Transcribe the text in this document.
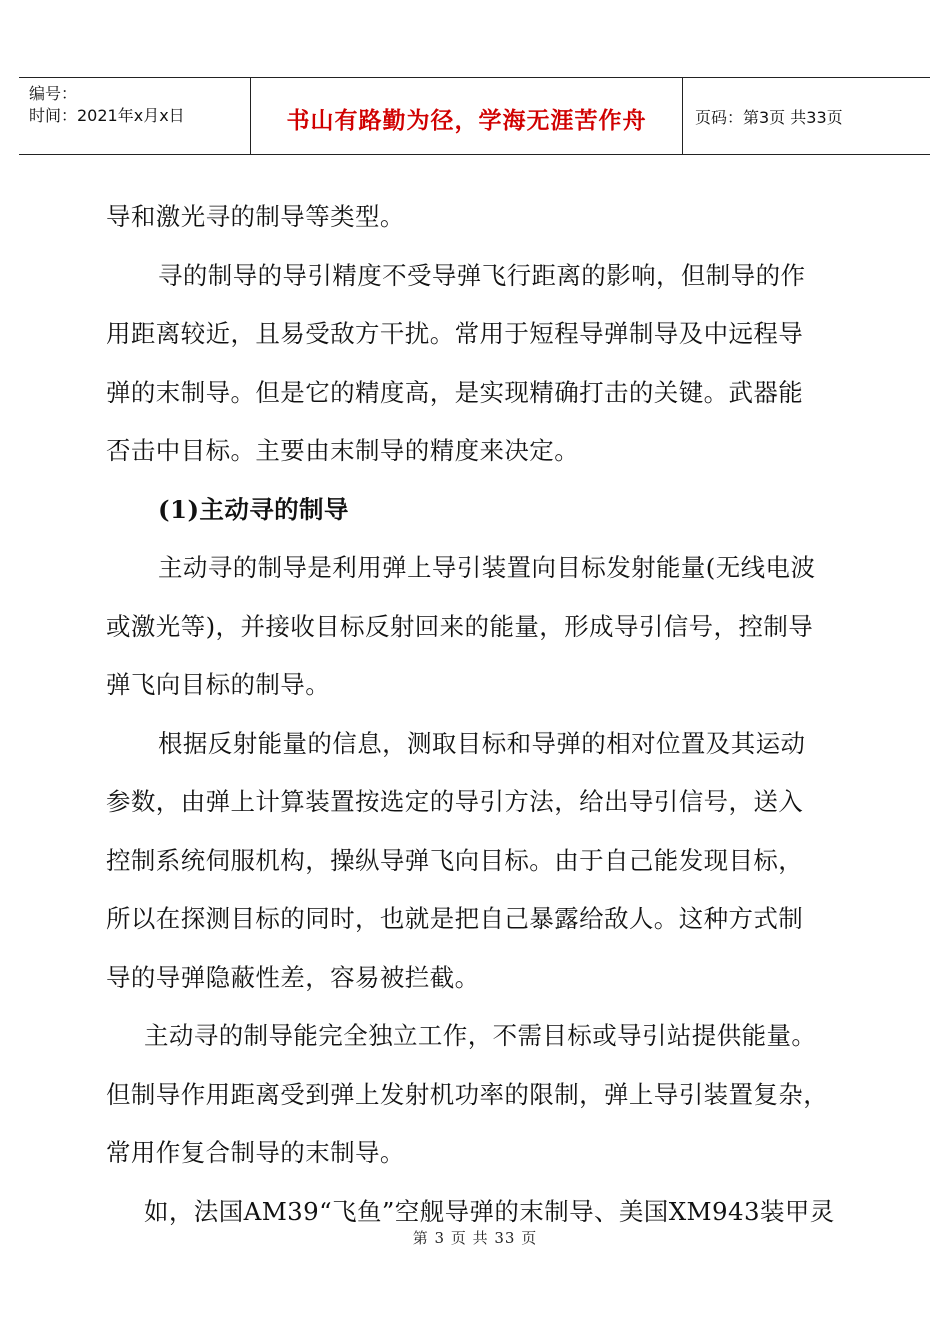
编号：
时间：2021年x月x日	书山有路勤为径，学海无涯苦作舟	页码：第3页 共33页
导和激光寻的制导等类型。
寻的制导的导引精度不受导弹飞行距离的影响，但制导的作
用距离较近，且易受敌方干扰。常用于短程导弹制导及中远程导
弹的末制导。但是它的精度高，是实现精确打击的关键。武器能
否击中目标。主要由末制导的精度来决定。
(1)主动寻的制导
主动寻的制导是利用弹上导引装置向目标发射能量(无线电波
或激光等)，并接收目标反射回来的能量，形成导引信号，控制导
弹飞向目标的制导。
根据反射能量的信息，测取目标和导弹的相对位置及其运动
参数，由弹上计算装置按选定的导引方法，给出导引信号，送入
控制系统伺服机构，操纵导弹飞向目标。由于自己能发现目标，
所以在探测目标的同时，也就是把自己暴露给敌人。这种方式制
导的导弹隐蔽性差，容易被拦截。
主动寻的制导能完全独立工作，不需目标或导引站提供能量。
但制导作用距离受到弹上发射机功率的限制，弹上导引装置复杂，
常用作复合制导的末制导。
如，法国AM39“飞鱼”空舰导弹的末制导、美国XM943装甲灵
第 3 页 共 33 页
